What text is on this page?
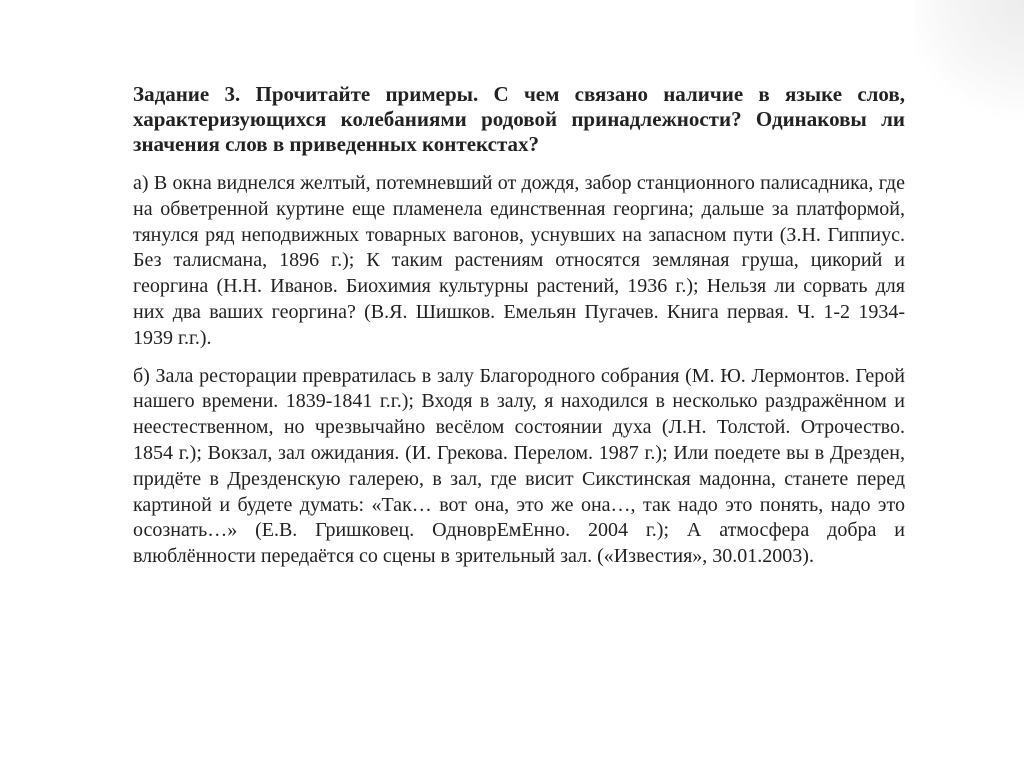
Задание 3. Прочитайте примеры. С чем связано наличие в языке слов, характеризующихся колебаниями родовой принадлежности? Одинаковы ли значения слов в приведенных контекстах?

а) В окна виднелся желтый, потемневший от дождя, забор станционного палисадника, где на обветренной куртине еще пламенела единственная георгина; дальше за платформой, тянулся ряд неподвижных товарных вагонов, уснувших на запасном пути (З.Н. Гиппиус. Без талисмана, 1896 г.); К таким растениям относятся земляная груша, цикорий и георгина (Н.Н. Иванов. Биохимия культурны растений, 1936 г.); Нельзя ли сорвать для них два ваших георгина? (В.Я. Шишков. Емельян Пугачев. Книга первая. Ч. 1-2 1934-1939 г.г.).

б) Зала ресторации превратилась в залу Благородного собрания (М. Ю. Лермонтов. Герой нашего времени. 1839-1841 г.г.); Входя в залу, я находился в несколько раздражённом и неестественном, но чрезвычайно весёлом состоянии духа (Л.Н. Толстой. Отрочество. 1854 г.); Вокзал, зал ожидания. (И. Грекова. Перелом. 1987 г.); Или поедете вы в Дрезден, придёте в Дрезденскую галерею, в зал, где висит Сикстинская мадонна, станете перед картиной и будете думать: «Так… вот она, это же она…, так надо это понять, надо это осознать…» (Е.В. Гришковец. ОдноврЕмЕнно. 2004 г.); А атмосфера добра и влюблённости передаётся со сцены в зрительный зал. («Известия», 30.01.2003).
